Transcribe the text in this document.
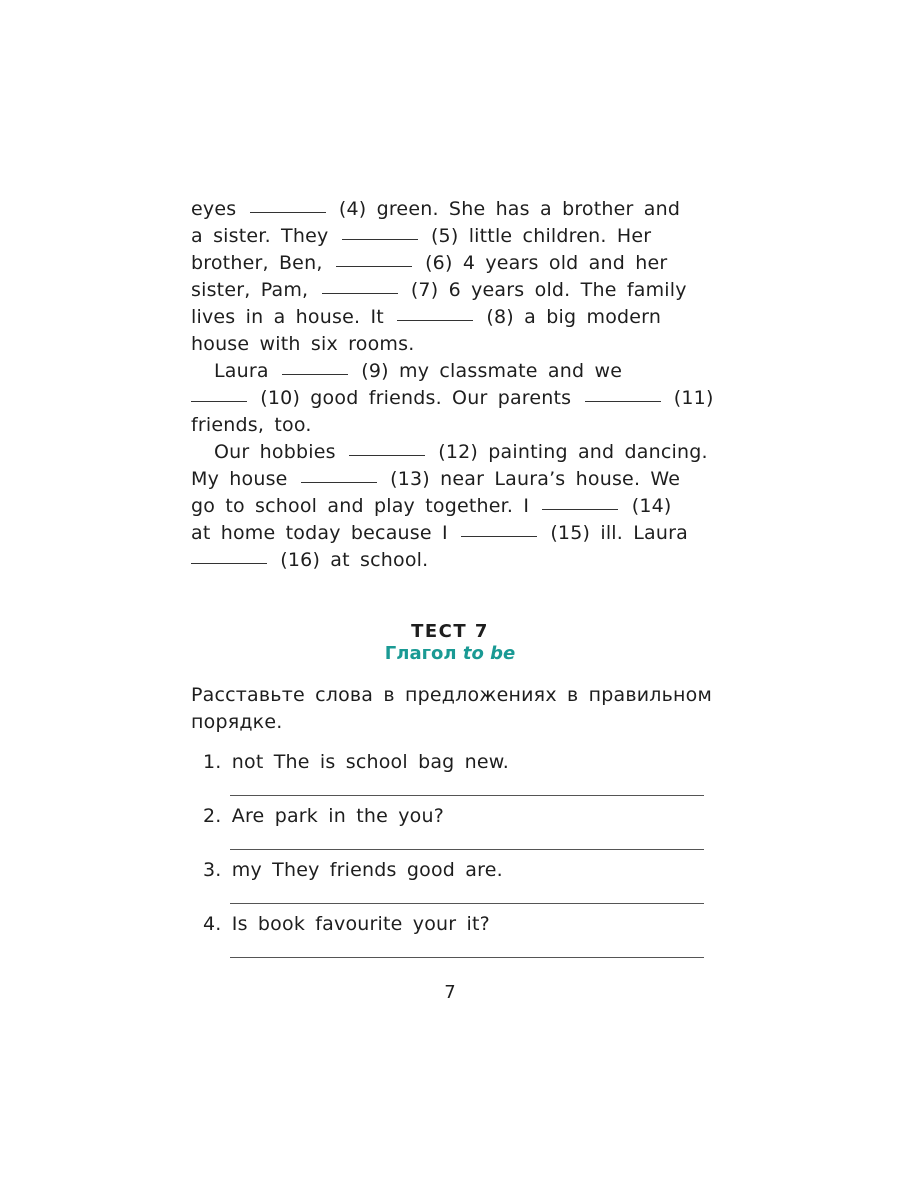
eyes	(4) green. She has a brother and
a sister. They	(5) little children. Her
brother, Ben,	(6) 4 years old and her
sister, Pam,	(7) 6 years old. The family
lives in a house. It	(8) a big modern
house with six rooms.
Laura	(9) my classmate and we
(10) good friends. Our parents	(11)
friends, too.
Our hobbies	(12) painting and dancing.
My house	(13) near Laura’s house. We
go to school and play together. I	(14)
at home today because I	(15) ill. Laura
(16) at school.
ТЕСТ 7
Глагол to be
Расставьте слова в предложениях в правильном
порядке.
1. not The is school bag new.
2. Are park in the you?
3. my They friends good are.
4. Is book favourite your it?
7
